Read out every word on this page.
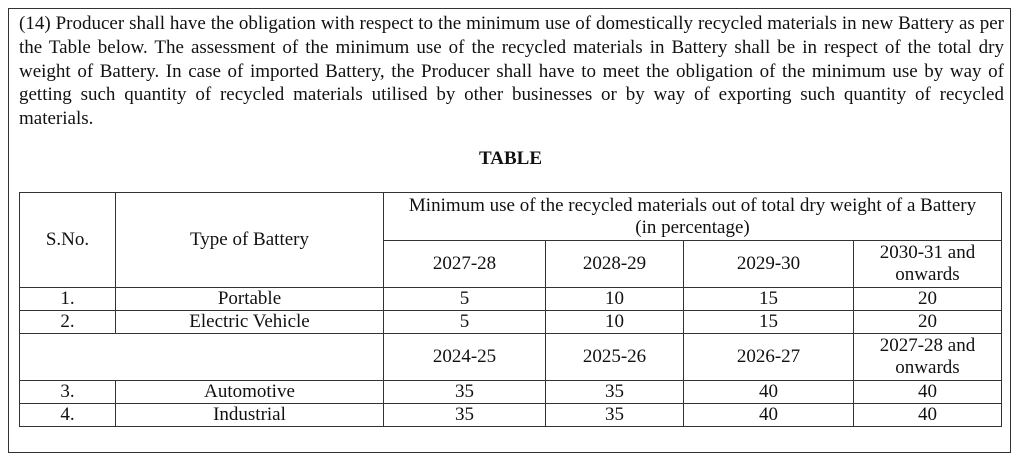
(14) Producer shall have the obligation with respect to the minimum use of domestically recycled materials in new Battery as per the Table below. The assessment of the minimum use of the recycled materials in Battery shall be in respect of the total dry weight of Battery. In case of imported Battery, the Producer shall have to meet the obligation of the minimum use by way of getting such quantity of recycled materials utilised by other businesses or by way of exporting such quantity of recycled materials.

TABLE
S.No.	Type of Battery	Minimum use of the recycled materials out of total dry weight of a Battery
(in percentage)			

		2027-28	2028-29	2029-30	2030-31 and onwards
1.	Portable	5	10	15	20
2.	Electric Vehicle	5	10	15	20
		2024-25	2025-26	2026-27	2027-28 and onwards
3.	Automotive	35	35	40	40
4.	Industrial	35	35	40	40
